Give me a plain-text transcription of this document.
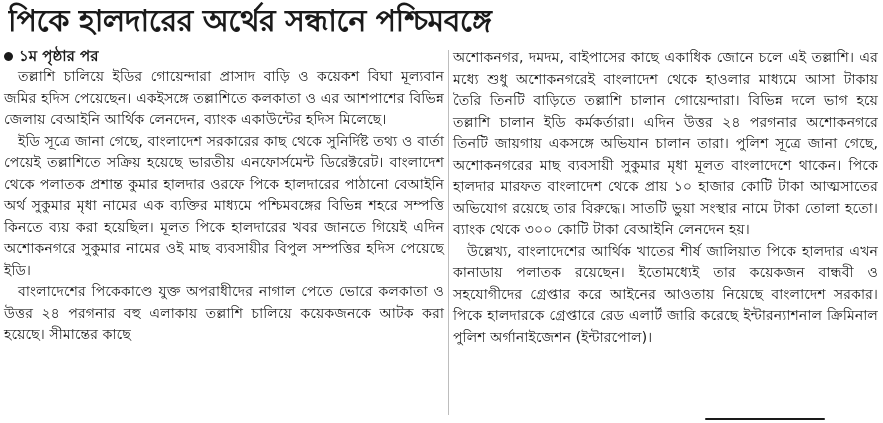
পিকে হালদারের অর্থের সন্ধানে পশ্চিমবঙ্গে
১ম পৃষ্ঠার পর

তল্লাশি চালিয়ে ইডির গোয়েন্দারা প্রাসাদ বাড়ি ও কয়েকশ বিঘা মূল্যবান জমির হদিস পেয়েছেন। একইসঙ্গে তল্লাশিতে কলকাতা ও এর আশপাশের বিভিন্ন জেলায় বেআইনি আর্থিক লেনদেন, ব্যাংক একাউন্টের হদিস মিলেছে।

ইডি সূত্রে জানা গেছে, বাংলাদেশ সরকারের কাছ থেকে সুনির্দিষ্ট তথ্য ও বার্তা পেয়েই তল্লাশিতে সক্রিয় হয়েছে ভারতীয় এনফোর্সমেন্ট ডিরেক্টরেট। বাংলাদেশ থেকে পলাতক প্রশান্ত কুমার হালদার ওরফে পিকে হালদারের পাঠানো বেআইনি অর্থ সুকুমার মৃধা নামের এক ব্যক্তির মাধ্যমে পশ্চিমবঙ্গের বিভিন্ন শহরে সম্পত্তি কিনতে ব্যয় করা হয়েছিল। মূলত পিকে হালদারের খবর জানতে গিয়েই এদিন অশোকনগরে সুকুমার নামের ওই মাছ ব্যবসায়ীর বিপুল সম্পত্তির হদিস পেয়েছে ইডি।

বাংলাদেশের পিকেকাণ্ডে যুক্ত অপরাধীদের নাগাল পেতে ভোরে কলকাতা ও উত্তর ২৪ পরগনার বহু এলাকায় তল্লাশি চালিয়ে কয়েকজনকে আটক করা হয়েছে। সীমান্তের কাছে

অশোকনগর, দমদম, বাইপাসের কাছে একাধিক জোনে চলে এই তল্লাশি। এর মধ্যে শুধু অশোকনগরেই বাংলাদেশ থেকে হাওলার মাধ্যমে আসা টাকায় তৈরি তিনটি বাড়িতে তল্লাশি চালান গোয়েন্দারা। বিভিন্ন দলে ভাগ হয়ে তল্লাশি চালান ইডি কর্মকর্তারা। এদিন উত্তর ২৪ পরগনার অশোকনগরে তিনটি জায়গায় একসঙ্গে অভিযান চালান তারা। পুলিশ সূত্রে জানা গেছে, অশোকনগরের মাছ ব্যবসায়ী সুকুমার মৃধা মূলত বাংলাদেশে থাকেন। পিকে হালদার মারফত বাংলাদেশ থেকে প্রায় ১০ হাজার কোটি টাকা আত্মসাতের অভিযোগ রয়েছে তার বিরুদ্ধে। সাতটি ভুয়া সংস্থার নামে টাকা তোলা হতো। ব্যাংক থেকে ৩০০ কোটি টাকা বেআইনি লেনদেন হয়।

উল্লেখ্য, বাংলাদেশের আর্থিক খাতের শীর্ষ জালিয়াত পিকে হালদার এখন কানাডায় পলাতক রয়েছেন। ইতোমধ্যেই তার কয়েকজন বান্ধবী ও সহযোগীদের গ্রেপ্তার করে আইনের আওতায় নিয়েছে বাংলাদেশ সরকার। পিকে হালদারকে গ্রেপ্তারে রেড এলার্ট জারি করেছে ইন্টারন্যাশনাল ক্রিমিনাল পুলিশ অর্গানাইজেশন (ইন্টারপোল)।
